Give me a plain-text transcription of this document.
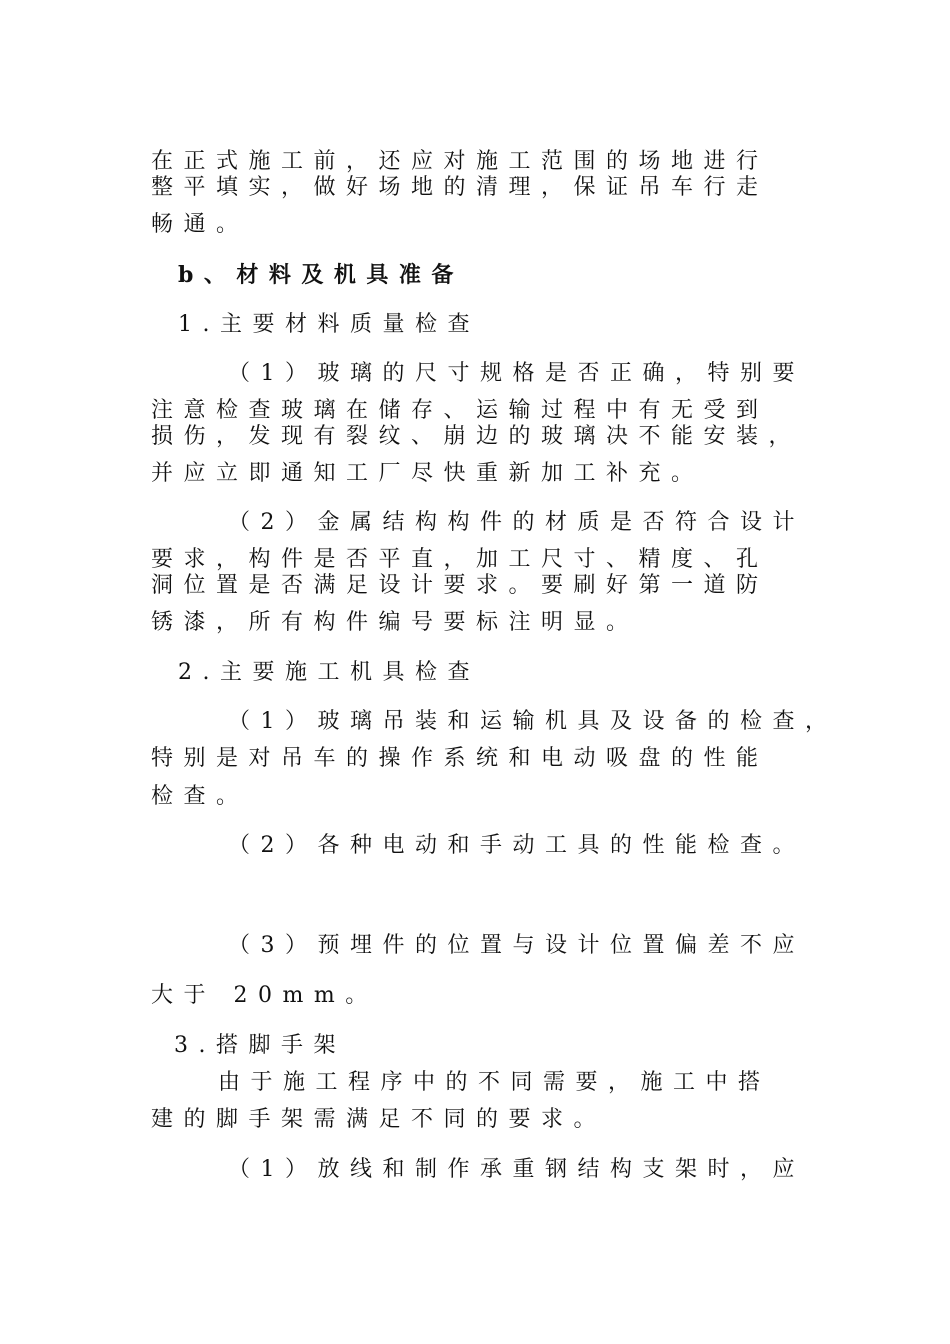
在正式施工前，还应对施工范围的场地进行
整平填实，做好场地的清理，保证吊车行走
畅通。
b、材料及机具准备
1.主要材料质量检查
（1）玻璃的尺寸规格是否正确，特别要
注意检查玻璃在储存、运输过程中有无受到
损伤，发现有裂纹、崩边的玻璃决不能安装，
并应立即通知工厂尽快重新加工补充。
（2）金属结构构件的材质是否符合设计
要求，构件是否平直，加工尺寸、精度、孔
洞位置是否满足设计要求。要刷好第一道防
锈漆，所有构件编号要标注明显。
2.主要施工机具检查
（1）玻璃吊装和运输机具及设备的检查，
特别是对吊车的操作系统和电动吸盘的性能
检查。
（2）各种电动和手动工具的性能检查。
（3）预埋件的位置与设计位置偏差不应
大于 20mm。
3.搭脚手架
由于施工程序中的不同需要，施工中搭
建的脚手架需满足不同的要求。
（1）放线和制作承重钢结构支架时，应
